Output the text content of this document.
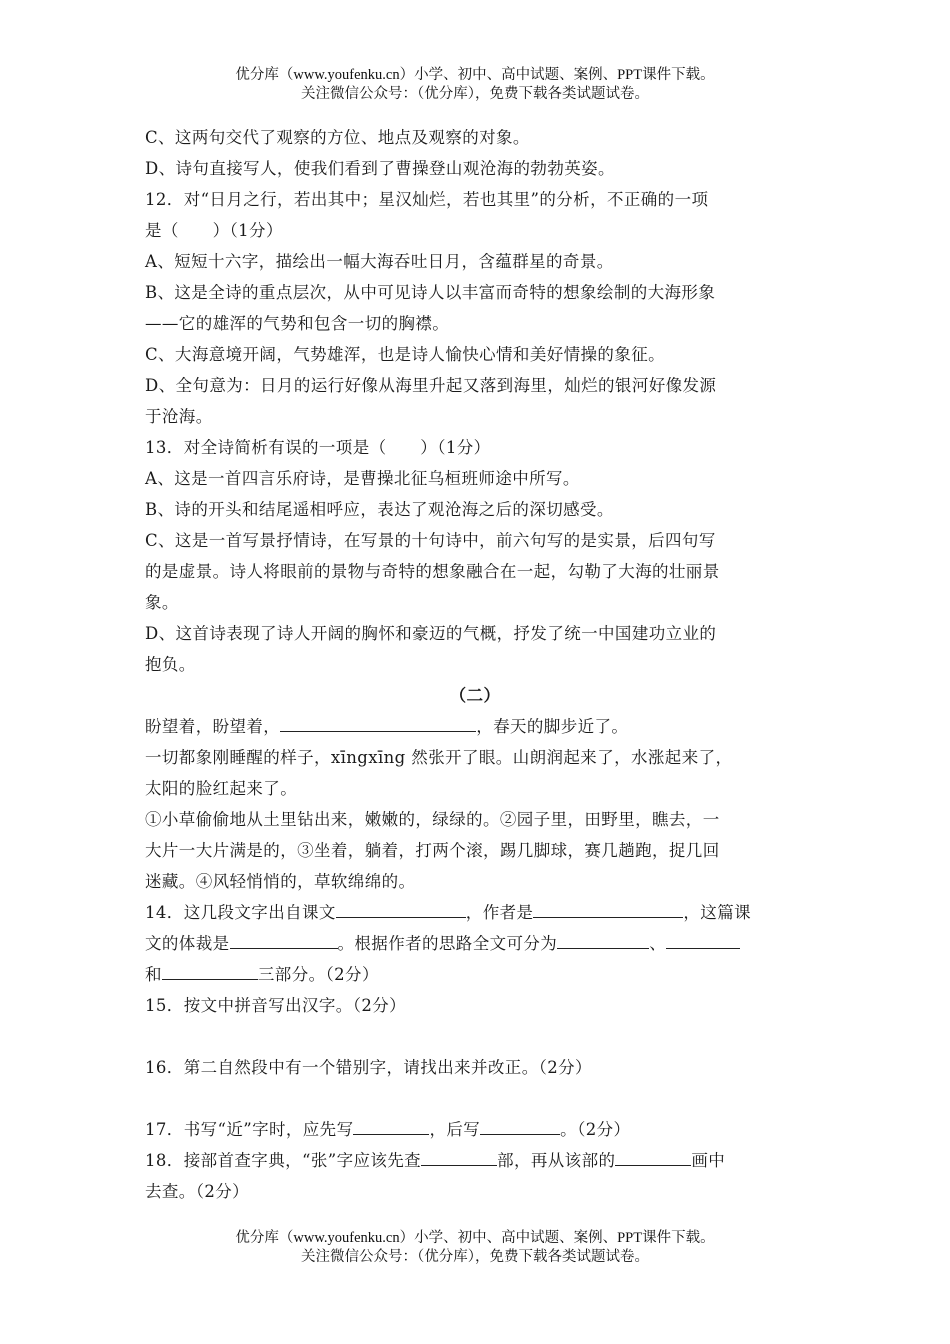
优分库（www.youfenku.cn）小学、初中、高中试题、案例、PPT课件下载。
关注微信公众号：（优分库），免费下载各类试题试卷。
C、这两句交代了观察的方位、地点及观察的对象。
D、诗句直接写人，使我们看到了曹操登山观沧海的勃勃英姿。
12．对“日月之行，若出其中；星汉灿烂，若也其里”的分析，不正确的一项
是（　　）（1分）
A、短短十六字，描绘出一幅大海吞吐日月，含蕴群星的奇景。
B、这是全诗的重点层次，从中可见诗人以丰富而奇特的想象绘制的大海形象
——它的雄浑的气势和包含一切的胸襟。
C、大海意境开阔，气势雄浑，也是诗人愉快心情和美好情操的象征。
D、全句意为：日月的运行好像从海里升起又落到海里，灿烂的银河好像发源
于沧海。
13．对全诗简析有误的一项是（　　）（1分）
A、这是一首四言乐府诗，是曹操北征乌桓班师途中所写。
B、诗的开头和结尾遥相呼应，表达了观沧海之后的深切感受。
C、这是一首写景抒情诗，在写景的十句诗中，前六句写的是实景，后四句写
的是虚景。诗人将眼前的景物与奇特的想象融合在一起，勾勒了大海的壮丽景
象。
D、这首诗表现了诗人开阔的胸怀和豪迈的气概，抒发了统一中国建功立业的
抱负。
（二）
盼望着，盼望着，	，春天的脚步近了。
一切都象刚睡醒的样子，xīngxīng 然张开了眼。山朗润起来了，水涨起来了，
太阳的脸红起来了。
①小草偷偷地从土里钻出来，嫩嫩的，绿绿的。②园子里，田野里，瞧去，一
大片一大片满是的，③坐着，躺着，打两个滚，踢几脚球，赛几趟跑，捉几回
迷藏。④风轻悄悄的，草软绵绵的。
14．这几段文字出自课文	，作者是	，这篇课
文的体裁是	。根据作者的思路全文可分为	、
和	三部分。（2分）
15．按文中拼音写出汉字。（2分）
16．第二自然段中有一个错别字，请找出来并改正。（2分）
17．书写“近”字时，应先写	，后写	。（2分）
18．接部首查字典，“张”字应该先查	部，再从该部的	画中
去查。（2分）
优分库（www.youfenku.cn）小学、初中、高中试题、案例、PPT课件下载。
关注微信公众号：（优分库），免费下载各类试题试卷。
